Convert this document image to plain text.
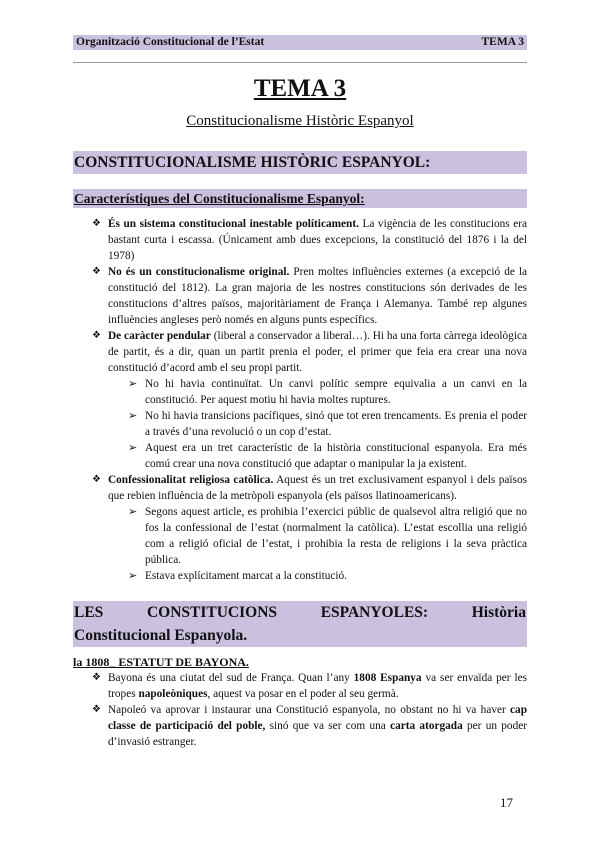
Organització Constitucional de l’Estat	TEMA 3
TEMA 3
Constitucionalisme Històric Espanyol
CONSTITUCIONALISME HISTÒRIC ESPANYOL:
Característiques del Constitucionalisme Espanyol:
❖ És un sistema constitucional inestable políticament. La vigència de les constitucions era bastant curta i escassa. (Únicament amb dues excepcions, la constitució del 1876 i la del 1978)
❖ No és un constitucionalisme original. Pren moltes influències externes (a excepció de la constitució del 1812). La gran majoria de les nostres constitucions són derivades de les constitucions d’altres països, majoritàriament de França i Alemanya. També rep algunes influències angleses però només en alguns punts específics.
❖ De caràcter pendular (liberal a conservador a liberal…). Hi ha una forta càrrega ideològica de partit, és a dir, quan un partit prenia el poder, el primer que feia era crear una nova constitució d’acord amb el seu propi partit.
➢ No hi havia continuïtat. Un canvi polític sempre equivalia a un canvi en la constitució. Per aquest motiu hi havia moltes ruptures.
➢ No hi havia transicions pacífiques, sinó que tot eren trencaments. Es prenia el poder a través d’una revolució o un cop d’estat.
➢ Aquest era un tret característic de la història constitucional espanyola. Era més comú crear una nova constitució que adaptar o manipular la ja existent.
❖ Confessionalitat religiosa catòlica. Aquest és un tret exclusivament espanyol i dels països que rebien influència de la metròpoli espanyola (els països llatinoamericans).
➢ Segons aquest article, es prohibia l’exercici públic de qualsevol altra religió que no fos la confessional de l’estat (normalment la catòlica). L’estat escollia una religió com a religió oficial de l’estat, i prohibia la resta de religions i la seva pràctica pública.
➢ Estava explícitament marcat a la constitució.
LES CONSTITUCIONS ESPANYOLES: Història
Constitucional Espanyola.
la 1808_ ESTATUT DE BAYONA.
❖ Bayona és una ciutat del sud de França. Quan l’any 1808 Espanya va ser envaïda per les tropes napoleòniques, aquest va posar en el poder al seu germà.
❖ Napoleó va aprovar i instaurar una Constitució espanyola, no obstant no hi va haver cap classe de participació del poble, sinó que va ser com una carta atorgada per un poder d’invasió estranger.
17
